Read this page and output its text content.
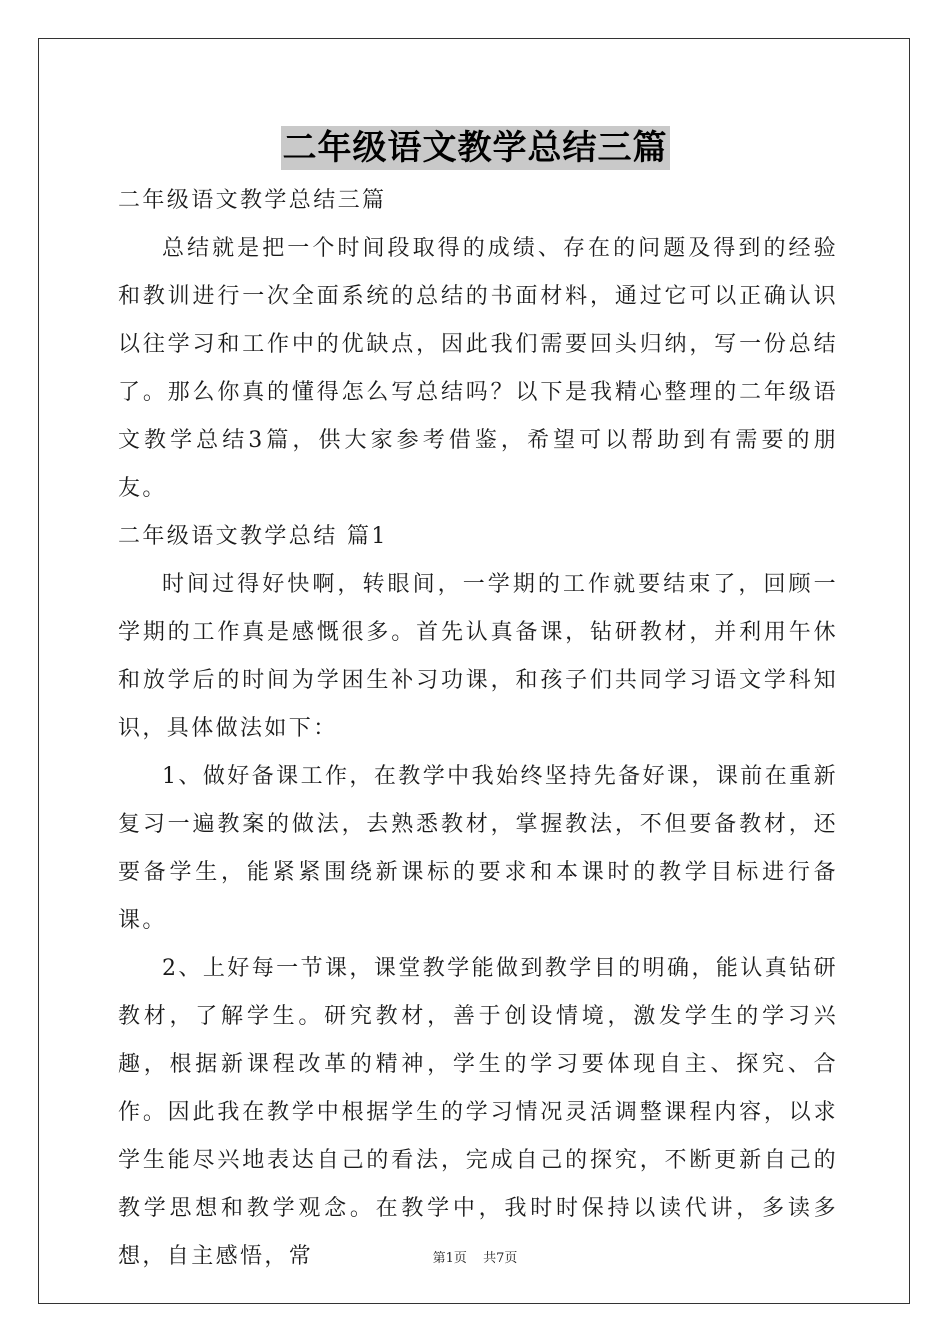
二年级语文教学总结三篇

二年级语文教学总结三篇

总结就是把一个时间段取得的成绩、存在的问题及得到的经验和教训进行一次全面系统的总结的书面材料，通过它可以正确认识以往学习和工作中的优缺点，因此我们需要回头归纳，写一份总结了。那么你真的懂得怎么写总结吗？以下是我精心整理的二年级语文教学总结3篇，供大家参考借鉴，希望可以帮助到有需要的朋友。

二年级语文教学总结 篇1

时间过得好快啊，转眼间，一学期的工作就要结束了，回顾一学期的工作真是感慨很多。首先认真备课，钻研教材，并利用午休和放学后的时间为学困生补习功课，和孩子们共同学习语文学科知识，具体做法如下：

1、做好备课工作，在教学中我始终坚持先备好课，课前在重新复习一遍教案的做法，去熟悉教材，掌握教法，不但要备教材，还要备学生，能紧紧围绕新课标的要求和本课时的教学目标进行备课。

2、上好每一节课，课堂教学能做到教学目的明确，能认真钻研教材，了解学生。研究教材，善于创设情境，激发学生的学习兴趣，根据新课程改革的精神，学生的学习要体现自主、探究、合作。因此我在教学中根据学生的学习情况灵活调整课程内容，以求学生能尽兴地表达自己的看法，完成自己的探究，不断更新自己的教学思想和教学观念。在教学中，我时时保持以读代讲，多读多想，自主感悟，常	第1页 共7页
